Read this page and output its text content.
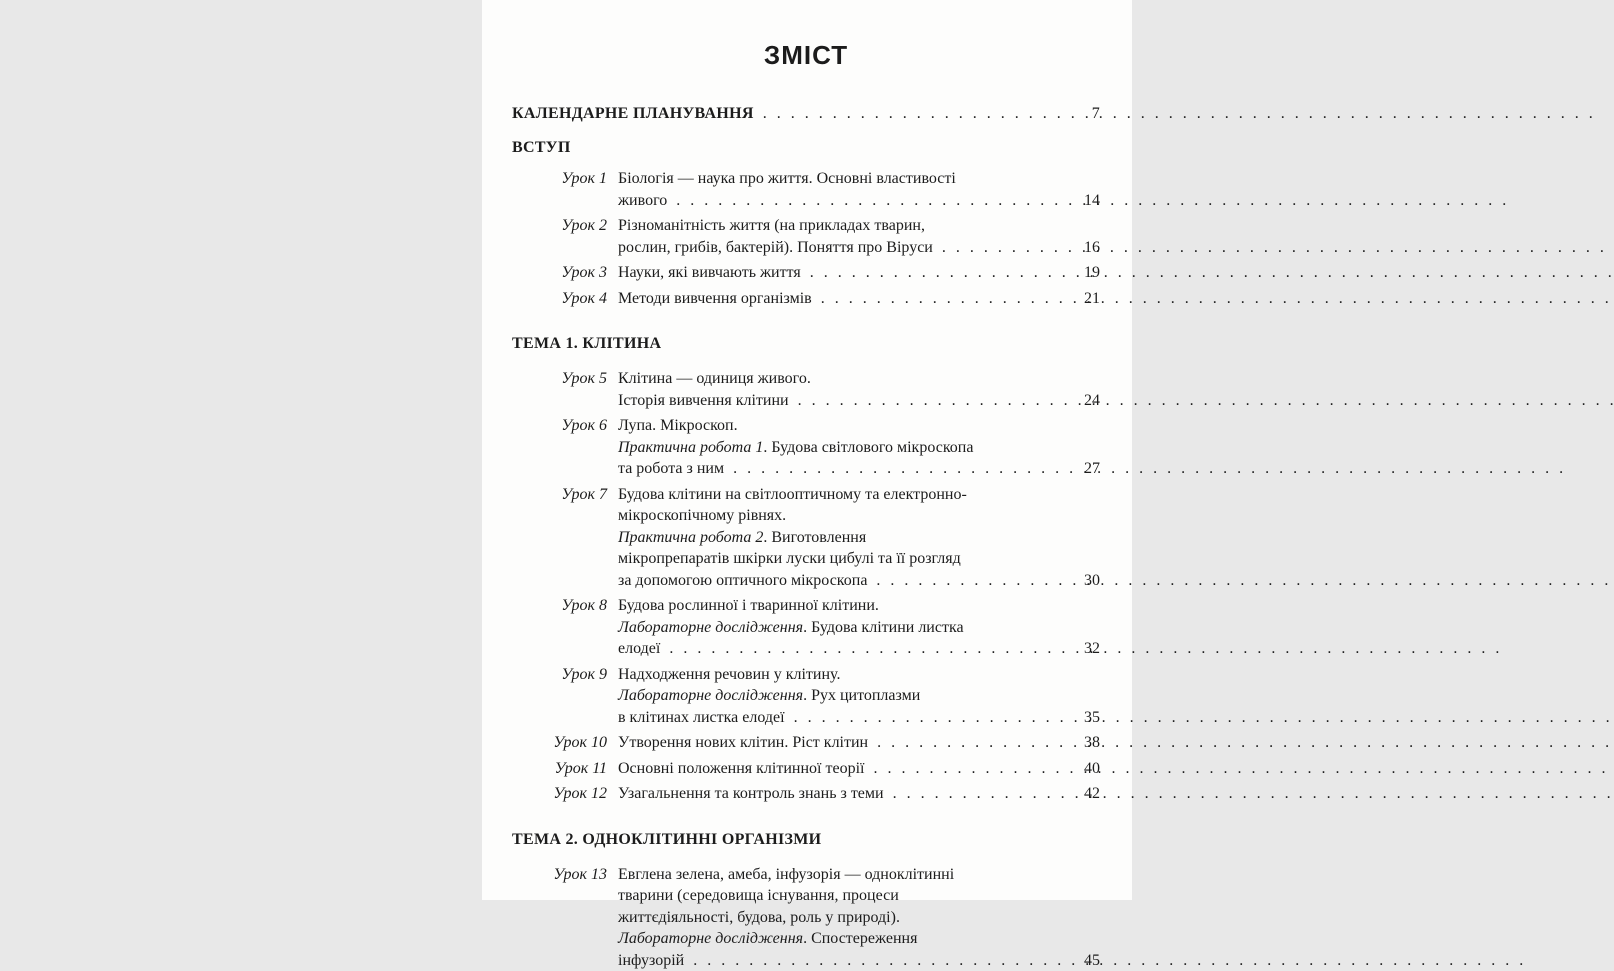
ЗМІСТ
КАЛЕНДАРНЕ ПЛАНУВАННЯ . . .	7
ВСТУП
Урок 1 Біологія — наука про життя. Основні властивості
живого . . .	14
Урок 2 Різноманітність життя (на прикладах тварин,
рослин, грибів, бактерій). Поняття про Віруси . . .	16
Урок 3 Науки, які вивчають життя . . .	19
Урок 4 Методи вивчення організмів . . .	21
ТЕМА 1. КЛІТИНА
Урок 5 Клітина — одиниця живого.
Історія вивчення клітини . . .	24
Урок 6 Лупа. Мікроскоп.
Практична робота 1. Будова світлового мікроскопа
та робота з ним . . .	27
Урок 7 Будова клітини на світлооптичному та електронно-
мікроскопічному рівнях.
Практична робота 2. Виготовлення
мікропрепаратів шкірки луски цибулі та її розгляд
за допомогою оптичного мікроскопа . . .	30
Урок 8 Будова рослинної і тваринної клітини.
Лабораторне дослідження. Будова клітини листка
елодеї . . .	32
Урок 9 Надходження речовин у клітину.
Лабораторне дослідження. Рух цитоплазми
в клітинах листка елодеї . . .	35
Урок 10 Утворення нових клітин. Ріст клітин . . .	38
Урок 11 Основні положення клітинної теорії . . .	40
Урок 12 Узагальнення та контроль знань з теми . . .	42
ТЕМА 2. ОДНОКЛІТИННІ ОРГАНІЗМИ
Урок 13 Евглена зелена, амеба, інфузорія — одноклітинні
тварини (середовища існування, процеси
життєдіяльності, будова, роль у природі).
Лабораторне дослідження. Спостереження
інфузорій . . .	45
